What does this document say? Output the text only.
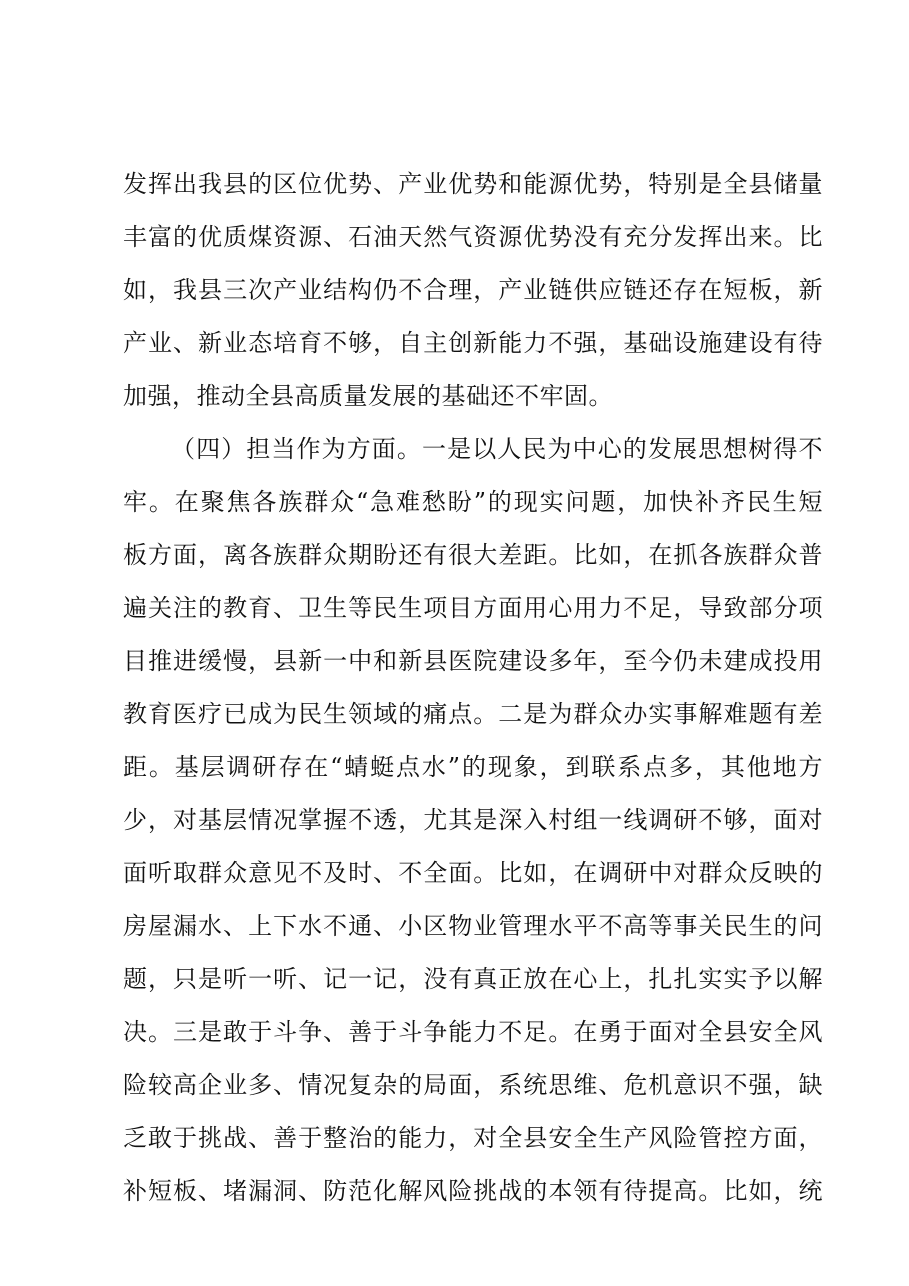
发挥出我县的区位优势、产业优势和能源优势，特别是全县储量
丰富的优质煤资源、石油天然气资源优势没有充分发挥出来。比
如，我县三次产业结构仍不合理，产业链供应链还存在短板，新
产业、新业态培育不够，自主创新能力不强，基础设施建设有待
加强，推动全县高质量发展的基础还不牢固。
（四）担当作为方面。一是以人民为中心的发展思想树得不
牢。在聚焦各族群众“急难愁盼”的现实问题，加快补齐民生短
板方面，离各族群众期盼还有很大差距。比如，在抓各族群众普
遍关注的教育、卫生等民生项目方面用心用力不足，导致部分项
目推进缓慢，县新一中和新县医院建设多年，至今仍未建成投用
教育医疗已成为民生领域的痛点。二是为群众办实事解难题有差
距。基层调研存在“蜻蜓点水”的现象，到联系点多，其他地方
少，对基层情况掌握不透，尤其是深入村组一线调研不够，面对
面听取群众意见不及时、不全面。比如，在调研中对群众反映的
房屋漏水、上下水不通、小区物业管理水平不高等事关民生的问
题，只是听一听、记一记，没有真正放在心上，扎扎实实予以解
决。三是敢于斗争、善于斗争能力不足。在勇于面对全县安全风
险较高企业多、情况复杂的局面，系统思维、危机意识不强，缺
乏敢于挑战、善于整治的能力，对全县安全生产风险管控方面，
补短板、堵漏洞、防范化解风险挑战的本领有待提高。比如，统
